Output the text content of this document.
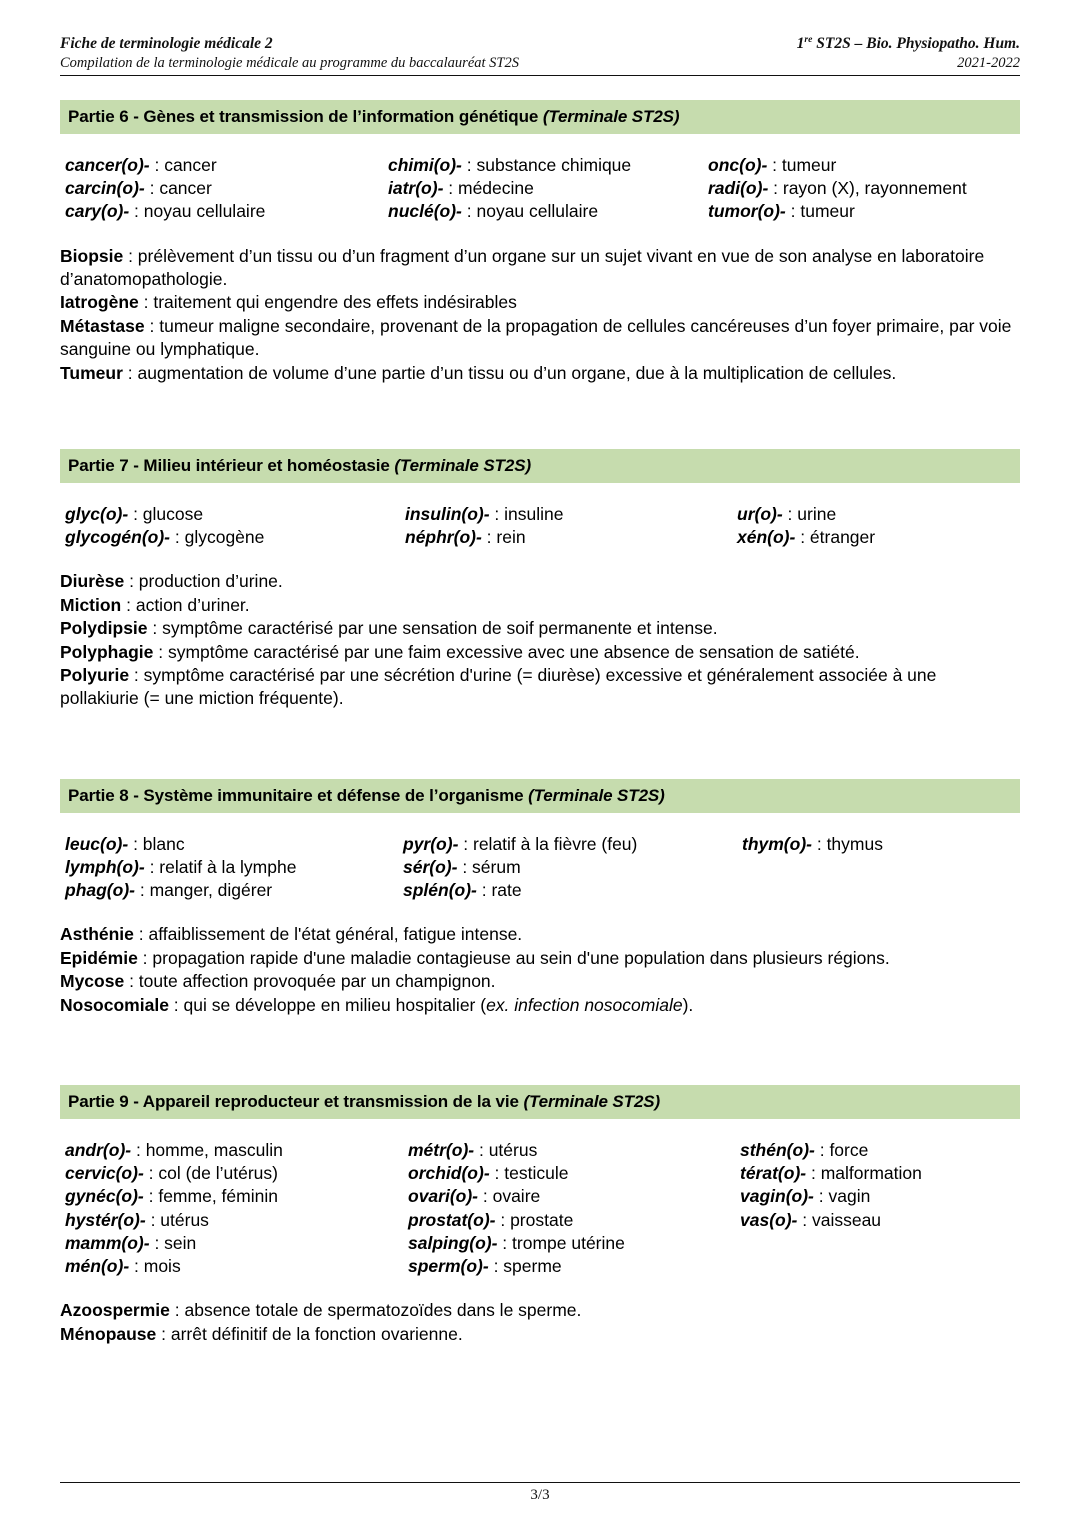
Fiche de terminologie médicale 2	1re ST2S – Bio. Physiopatho. Hum.
Compilation de la terminologie médicale au programme du baccalauréat ST2S	2021-2022
Partie 6 - Gènes et transmission de l’information génétique (Terminale ST2S)
cancer(o)- : cancer
carcin(o)- : cancer
cary(o)- : noyau cellulaire
chimi(o)- : substance chimique
iatr(o)- : médecine
nuclé(o)- : noyau cellulaire
onc(o)- : tumeur
radi(o)- : rayon (X), rayonnement
tumor(o)- : tumeur
Biopsie : prélèvement d’un tissu ou d’un fragment d’un organe sur un sujet vivant en vue de son analyse en laboratoire d’anatomopathologie.
Iatrogène : traitement qui engendre des effets indésirables
Métastase : tumeur maligne secondaire, provenant de la propagation de cellules cancéreuses d’un foyer primaire, par voie sanguine ou lymphatique.
Tumeur : augmentation de volume d’une partie d’un tissu ou d’un organe, due à la multiplication de cellules.
Partie 7 - Milieu intérieur et homéostasie (Terminale ST2S)
glyc(o)- : glucose
glycogén(o)- : glycogène
insulin(o)- : insuline
néphr(o)- : rein
ur(o)- : urine
xén(o)- : étranger
Diurèse : production d’urine.
Miction : action d’uriner.
Polydipsie : symptôme caractérisé par une sensation de soif permanente et intense.
Polyphagie : symptôme caractérisé par une faim excessive avec une absence de sensation de satiété.
Polyurie : symptôme caractérisé par une sécrétion d'urine (= diurèse) excessive et généralement associée à une pollakiurie (= une miction fréquente).
Partie 8 - Système immunitaire et défense de l’organisme (Terminale ST2S)
leuc(o)- : blanc
lymph(o)- : relatif à la lymphe
phag(o)- : manger, digérer
pyr(o)- : relatif à la fièvre (feu)
sér(o)- : sérum
splén(o)- : rate
thym(o)- : thymus
Asthénie : affaiblissement de l'état général, fatigue intense.
Epidémie : propagation rapide d'une maladie contagieuse au sein d'une population dans plusieurs régions.
Mycose : toute affection provoquée par un champignon.
Nosocomiale : qui se développe en milieu hospitalier (ex. infection nosocomiale).
Partie 9 - Appareil reproducteur et transmission de la vie (Terminale ST2S)
andr(o)- : homme, masculin
cervic(o)- : col (de l’utérus)
gynéc(o)- : femme, féminin
hystér(o)- : utérus
mamm(o)- : sein
mén(o)- : mois
métr(o)- : utérus
orchid(o)- : testicule
ovari(o)- : ovaire
prostat(o)- : prostate
salping(o)- : trompe utérine
sperm(o)- : sperme
sthén(o)- : force
térat(o)- : malformation
vagin(o)- : vagin
vas(o)- : vaisseau
Azoospermie : absence totale de spermatozoïdes dans le sperme.
Ménopause : arrêt définitif de la fonction ovarienne.
3/3
